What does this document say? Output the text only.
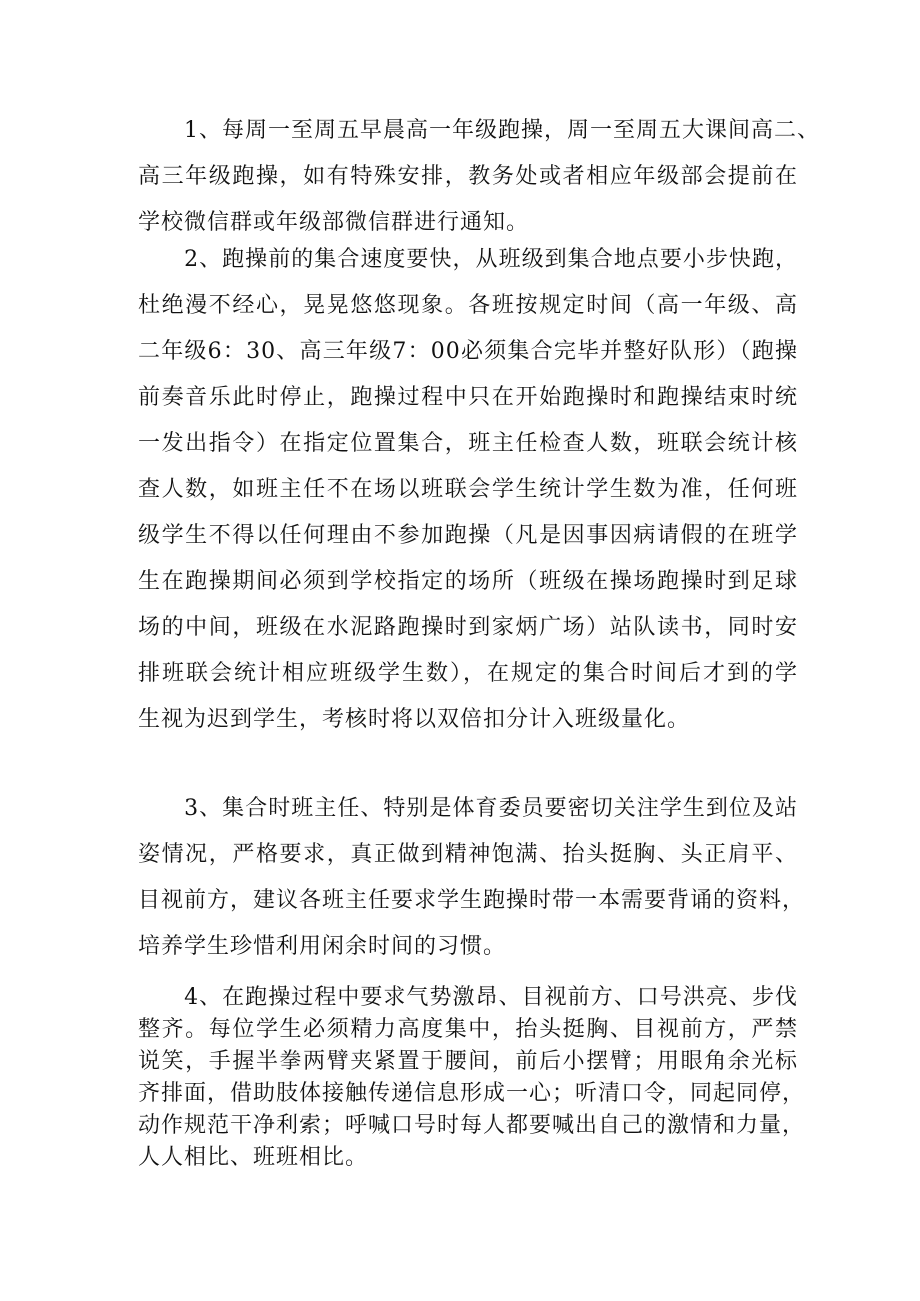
　　1、每周一至周五早晨高一年级跑操，周一至周五大课间高二、
高三年级跑操，如有特殊安排，教务处或者相应年级部会提前在
学校微信群或年级部微信群进行通知。
　　2、跑操前的集合速度要快，从班级到集合地点要小步快跑，
杜绝漫不经心，晃晃悠悠现象。各班按规定时间（高一年级、高
二年级6：30、高三年级7：00必须集合完毕并整好队形）（跑操
前奏音乐此时停止，跑操过程中只在开始跑操时和跑操结束时统
一发出指令）在指定位置集合，班主任检查人数，班联会统计核
查人数，如班主任不在场以班联会学生统计学生数为准，任何班
级学生不得以任何理由不参加跑操（凡是因事因病请假的在班学
生在跑操期间必须到学校指定的场所（班级在操场跑操时到足球
场的中间，班级在水泥路跑操时到家炳广场）站队读书，同时安
排班联会统计相应班级学生数），在规定的集合时间后才到的学
生视为迟到学生，考核时将以双倍扣分计入班级量化。
　　3、集合时班主任、特别是体育委员要密切关注学生到位及站
姿情况，严格要求，真正做到精神饱满、抬头挺胸、头正肩平、
目视前方，建议各班主任要求学生跑操时带一本需要背诵的资料，
培养学生珍惜利用闲余时间的习惯。
　　4、在跑操过程中要求气势激昂、目视前方、口号洪亮、步伐
整齐。每位学生必须精力高度集中，抬头挺胸、目视前方，严禁
说笑，手握半拳两臂夹紧置于腰间，前后小摆臂；用眼角余光标
齐排面，借助肢体接触传递信息形成一心；听清口令，同起同停，
动作规范干净利索；呼喊口号时每人都要喊出自己的激情和力量，
人人相比、班班相比。
